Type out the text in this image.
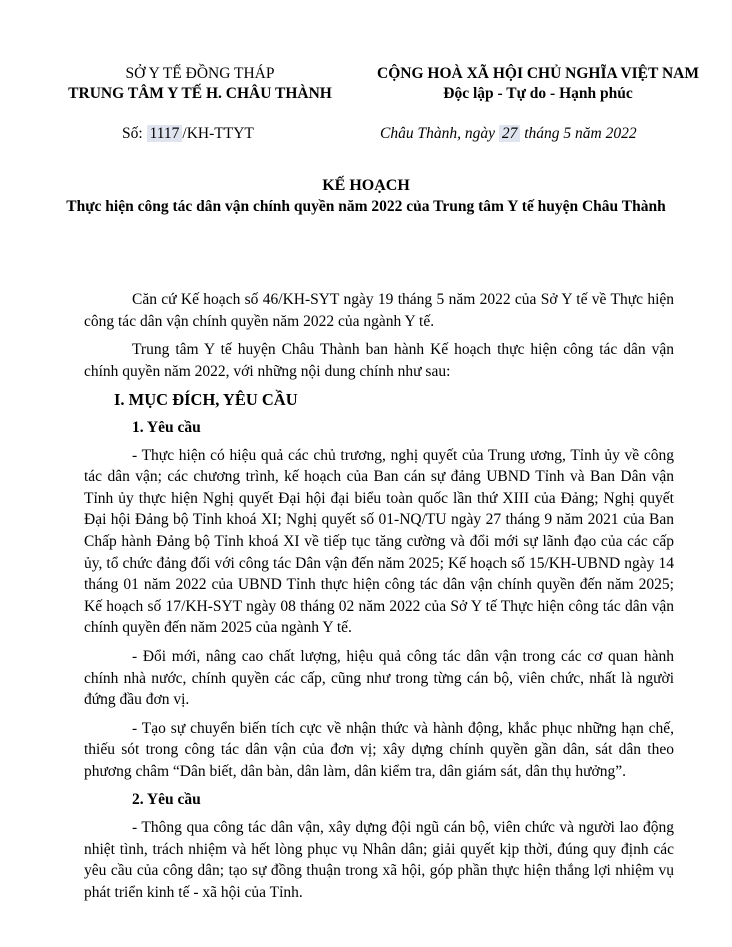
SỞ Y TẾ ĐỒNG THÁP
TRUNG TÂM Y TẾ H. CHÂU THÀNH
CỘNG HOÀ XÃ HỘI CHỦ NGHĨA VIỆT NAM
Độc lập - Tự do - Hạnh phúc
Số: 1117 /KH-TTYT	Châu Thành, ngày 27 tháng 5 năm 2022
KẾ HOẠCH
Thực hiện công tác dân vận chính quyền năm 2022 của Trung tâm Y tế huyện Châu Thành

Căn cứ Kế hoạch số 46/KH-SYT ngày 19 tháng 5 năm 2022 của Sở Y tế về Thực hiện công tác dân vận chính quyền năm 2022 của ngành Y tế.

Trung tâm Y tế huyện Châu Thành ban hành Kế hoạch thực hiện công tác dân vận chính quyền năm 2022, với những nội dung chính như sau:

I. MỤC ĐÍCH, YÊU CẦU

1. Yêu cầu

- Thực hiện có hiệu quả các chủ trương, nghị quyết của Trung ương, Tỉnh ủy về công tác dân vận; các chương trình, kế hoạch của Ban cán sự đảng UBND Tỉnh và Ban Dân vận Tỉnh ủy thực hiện Nghị quyết Đại hội đại biểu toàn quốc lần thứ XIII của Đảng; Nghị quyết Đại hội Đảng bộ Tỉnh khoá XI; Nghị quyết số 01-NQ/TU ngày 27 tháng 9 năm 2021 của Ban Chấp hành Đảng bộ Tỉnh khoá XI về tiếp tục tăng cường và đổi mới sự lãnh đạo của các cấp ủy, tổ chức đảng đối với công tác Dân vận đến năm 2025; Kế hoạch số 15/KH-UBND ngày 14 tháng 01 năm 2022 của UBND Tỉnh thực hiện công tác dân vận chính quyền đến năm 2025; Kế hoạch số 17/KH-SYT ngày 08 tháng 02 năm 2022 của Sở Y tế Thực hiện công tác dân vận chính quyền đến năm 2025 của ngành Y tế.

- Đổi mới, nâng cao chất lượng, hiệu quả công tác dân vận trong các cơ quan hành chính nhà nước, chính quyền các cấp, cũng như trong từng cán bộ, viên chức, nhất là người đứng đầu đơn vị.

- Tạo sự chuyển biến tích cực về nhận thức và hành động, khắc phục những hạn chế, thiếu sót trong công tác dân vận của đơn vị; xây dựng chính quyền gần dân, sát dân theo phương châm “Dân biết, dân bàn, dân làm, dân kiểm tra, dân giám sát, dân thụ hưởng”.

2. Yêu cầu

- Thông qua công tác dân vận, xây dựng đội ngũ cán bộ, viên chức và người lao động nhiệt tình, trách nhiệm và hết lòng phục vụ Nhân dân; giải quyết kịp thời, đúng quy định các yêu cầu của công dân; tạo sự đồng thuận trong xã hội, góp phần thực hiện thắng lợi nhiệm vụ phát triển kinh tế - xã hội của Tỉnh.
